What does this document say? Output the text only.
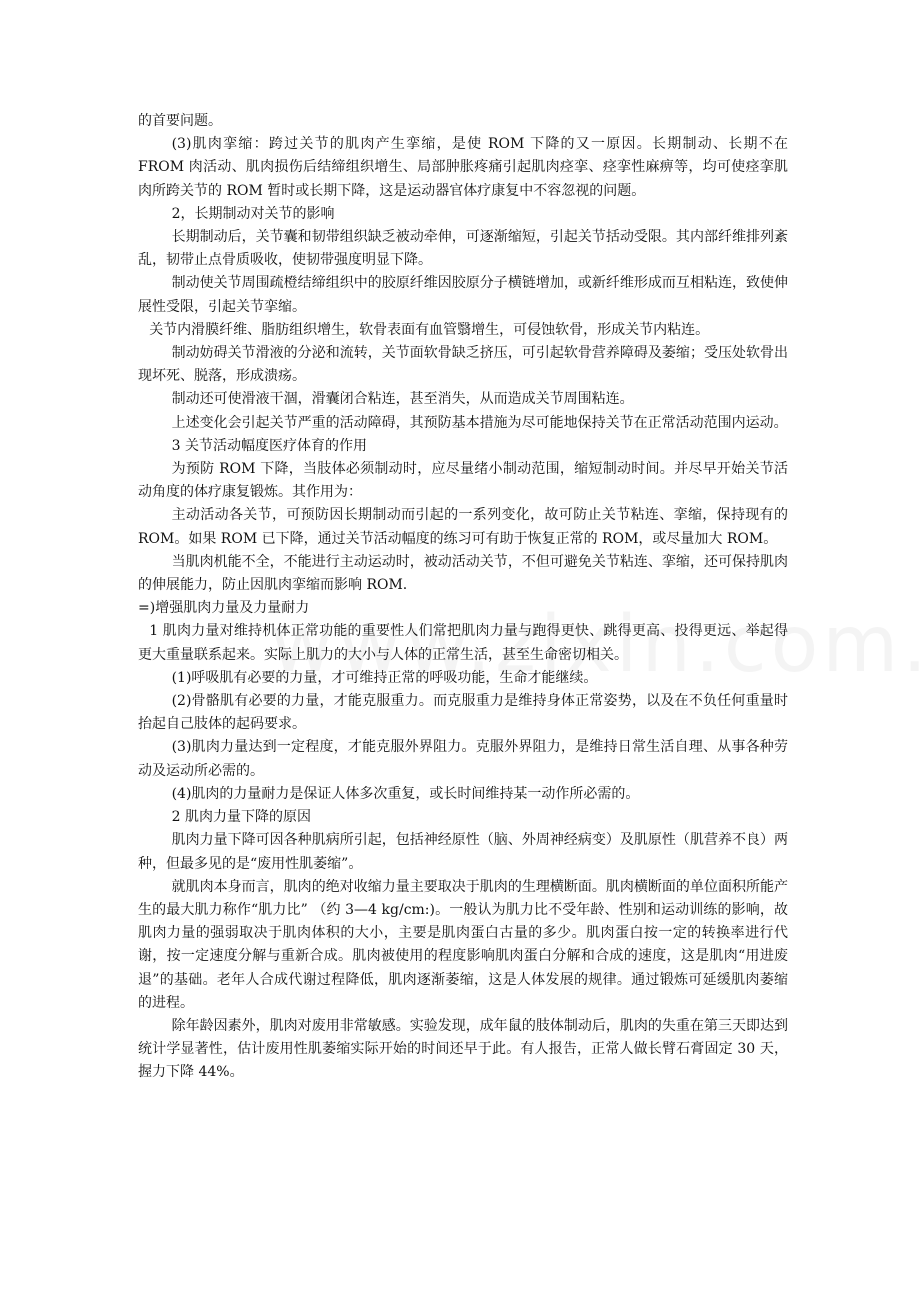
的首要问题。

(3)肌肉挛缩：跨过关节的肌肉产生挛缩，是使 ROM 下降的又一原因。长期制动、长期不在 FROM 肉活动、肌肉损伤后结缔组织增生、局部肿胀疼痛引起肌肉痉挛、痉挛性麻痹等，均可使痉挛肌肉所跨关节的 ROM 暂时或长期下降，这是运动器官体疗康复中不容忽视的问题。

2，长期制动对关节的影响

长期制动后，关节囊和韧带组织缺乏被动牵伸，可逐渐缩短，引起关节括动受限。其内部纤维排列紊乱，韧带止点骨质吸收，使韧带强度明显下降。

制动使关节周围疏橙结缔组织中的胶原纤维因胶原分子横链增加，或新纤维形成而互相粘连，致使伸展性受限，引起关节挛缩。

关节内滑膜纤维、脂肪组织增生，软骨表面有血管翳增生，可侵蚀软骨，形成关节内粘连。

制动妨碍关节滑液的分泌和流转，关节面软骨缺乏挤压，可引起软骨营养障碍及萎缩；受压处软骨出现坏死、脱落，形成溃疡。

制动还可使滑液干涸，滑囊闭合粘连，甚至消失，从而造成关节周围粘连。

上述变化会引起关节严重的活动障碍，其预防基本措施为尽可能地保持关节在正常活动范围内运动。

3 关节活动幅度医疗体育的作用

为预防 ROM 下降，当肢体必须制动时，应尽量绪小制动范围，缩短制动时间。并尽早开始关节活动角度的体疗康复锻炼。其作用为：

主动活动各关节，可预防因长期制动而引起的一系列变化，故可防止关节粘连、挛缩，保持现有的 ROM。如果 ROM 已下降，通过关节活动幅度的练习可有助于恢复正常的 ROM，或尽量加大 ROM。

当肌肉机能不全，不能进行主动运动时，被动活动关节，不但可避免关节粘连、挛缩，还可保持肌肉的伸展能力，防止因肌肉挛缩而影响 ROM.

=)增强肌肉力量及力量耐力

1 肌肉力量对维持机体正常功能的重要性人们常把肌肉力量与跑得更快、跳得更高、投得更远、举起得更大重量联系起来。实际上肌力的大小与人体的正常生活，甚至生命密切相关。

(1)呼吸肌有必要的力量，才可维持正常的呼吸功能，生命才能继续。

(2)骨骼肌有必要的力量，才能克服重力。而克服重力是维持身体正常姿势，以及在不负任何重量时抬起自己肢体的起码要求。

(3)肌肉力量达到一定程度，才能克服外界阻力。克服外界阻力，是维持日常生活自理、从事各种劳动及运动所必需的。

(4)肌肉的力量耐力是保证人体多次重复，或长时间维持某一动作所必需的。

2 肌肉力量下降的原因

肌肉力量下降可因各种肌病所引起，包括神经原性（脑、外周神经病变）及肌原性（肌营养不良）两种，但最多见的是“废用性肌萎缩”。

就肌肉本身而言，肌肉的绝对收缩力量主要取决于肌肉的生理横断面。肌肉横断面的单位面积所能产生的最大肌力称作“肌力比” （约 3—4 kg/cm:)。一般认为肌力比不受年龄、性别和运动训练的影响，故肌肉力量的强弱取决于肌肉体积的大小，主要是肌肉蛋白古量的多少。肌肉蛋白按一定的转换率进行代谢，按一定速度分解与重新合成。肌肉被使用的程度影响肌肉蛋白分解和合成的速度，这是肌肉“用进废退”的基础。老年人合成代谢过程降低，肌肉逐渐萎缩，这是人体发展的规律。通过锻炼可延缓肌肉萎缩的进程。

除年龄因素外，肌肉对废用非常敏感。实验发现，成年鼠的肢体制动后，肌肉的失重在第三天即达到统计学显著性，估计废用性肌萎缩实际开始的时间还早于此。有人报告，正常人做长臂石膏固定 30 天，握力下降 44%。
